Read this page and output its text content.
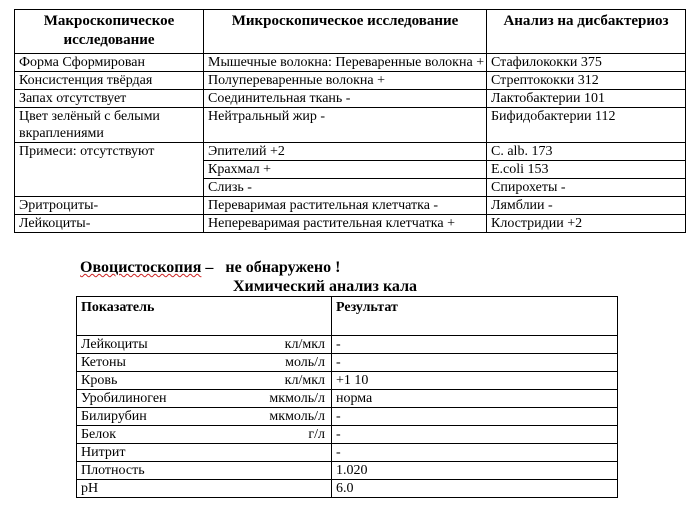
Макроскопическое исследование	Микроскопическое исследование	Анализ на дисбактериоз
Форма Сформирован	Мышечные волокна: Переваренные волокна +	Стафилококки 375
Консистенция твёрдая	Полупереваренные волокна +	Стрептококки 312
Запах отсутствует	Соединительная ткань -	Лактобактерии 101
Цвет зелёный с белыми вкраплениями	Нейтральный жир -	Бифидобактерии 112
Примеси: отсутствуют	Эпителий +2	C. alb. 173
	Крахмал +	E.coli 153
	Слизь -	Спирохеты -
Эритроциты-	Переваримая растительная клетчатка -	Лямблии -
Лейкоциты-	Непереваримая растительная клетчатка +	Клостридии +2
Овоцистоскопия –   не обнаружено !
Химический анализ кала
Показатель	Результат

Лейкоциты кл/мкл	-

Кетоны моль/л	-

Кровь кл/мкл	+1 10

Уробилиноген мкмоль/л	норма

Билирубин мкмоль/л	-

Белок г/л	-

Нитрит	-

Плотность	1.020

pH	6.0
